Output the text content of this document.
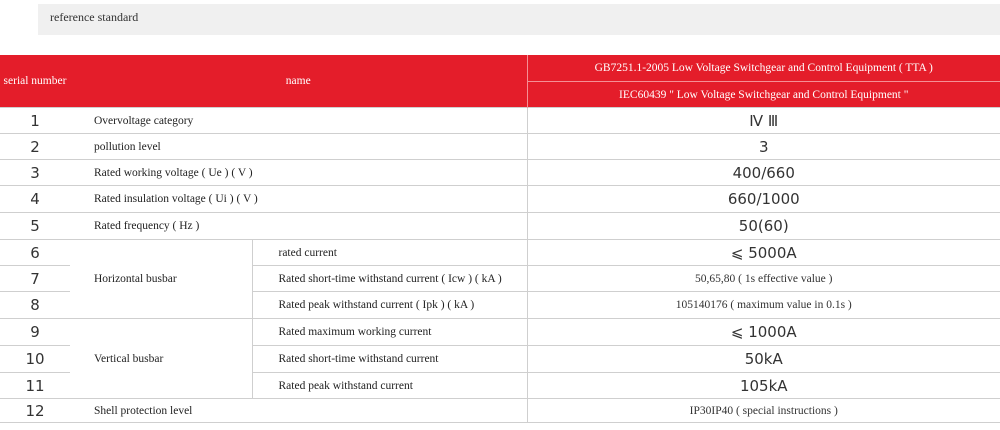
reference standard
serial number	name		GB7251.1-2005 Low Voltage Switchgear and Control Equipment ( TTA )
			IEC60439 " Low Voltage Switchgear and Control Equipment "
1	Overvoltage category		Ⅳ Ⅲ
2	pollution level		3
3	Rated working voltage ( Ue ) ( V )		400/660
4	Rated insulation voltage ( Ui ) ( V )		660/1000
5	Rated frequency ( Hz )		50(60)
6	Horizontal busbar	rated current	⩽ 5000A
7		Rated short-time withstand current ( Icw ) ( kA )	50,65,80 ( 1s effective value )
8		Rated peak withstand current ( Ipk ) ( kA )	105140176 ( maximum value in 0.1s )
9	Vertical busbar	Rated maximum working current	⩽ 1000A
10		Rated short-time withstand current	50kA
11		Rated peak withstand current	105kA
12	Shell protection level		IP30IP40 ( special instructions )
